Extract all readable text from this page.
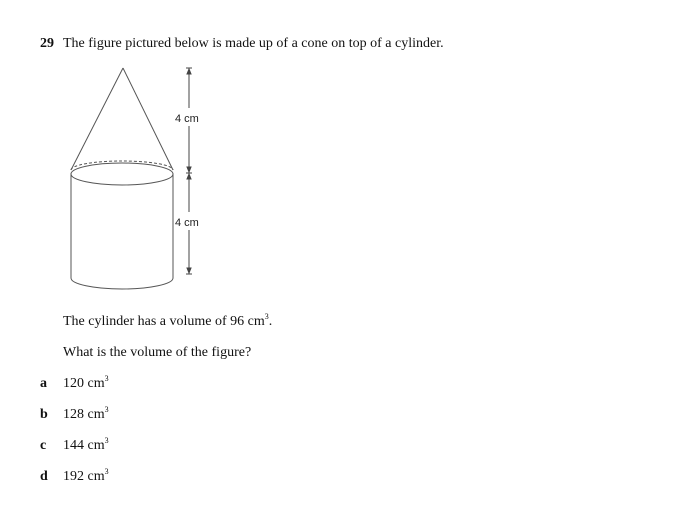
29 The figure pictured below is made up of a cone on top of a cylinder.
4 cm
4 cm
The cylinder has a volume of 96 $cm^3$.
What is the volume of the figure?
a 120 $cm^3$
b 128 $cm^3$
c 144 $cm^3$
d 192 $cm^3$
